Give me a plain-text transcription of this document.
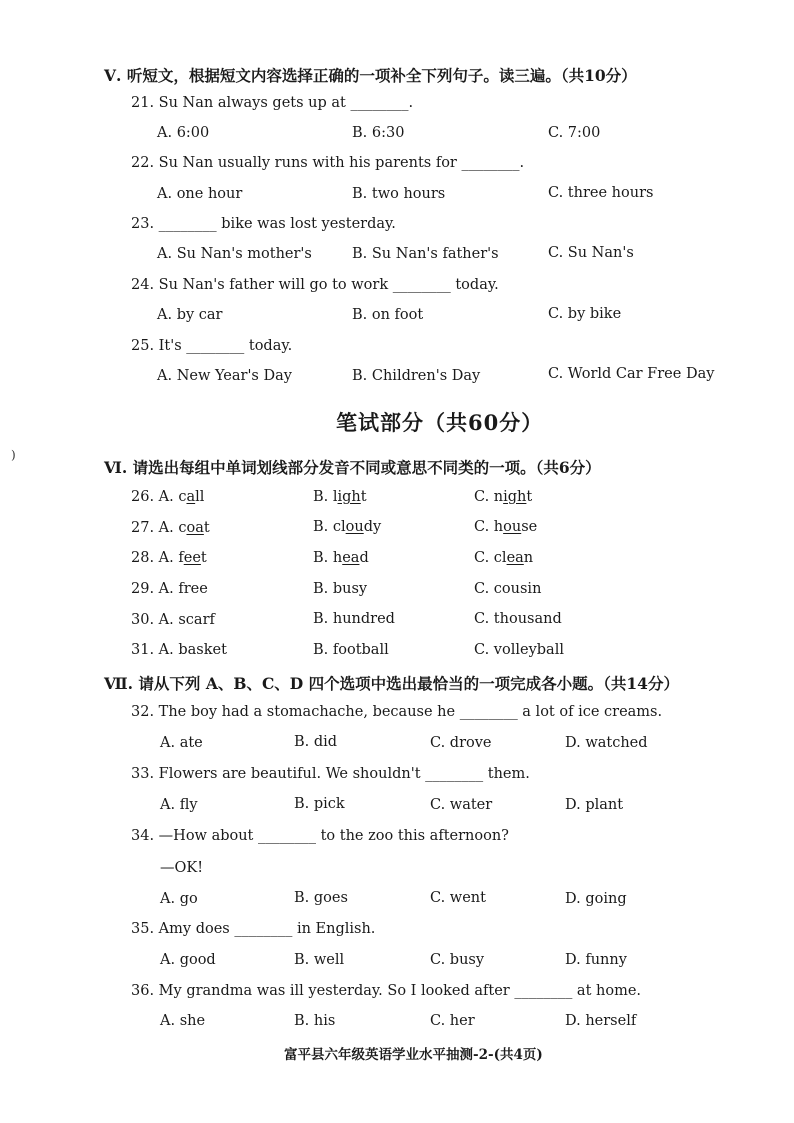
Ⅴ. 听短文，根据短文内容选择正确的一项补全下列句子。读三遍。（共10分）
21. Su Nan always gets up at ________.
A. 6:00	B. 6:30	C. 7:00
22. Su Nan usually runs with his parents for ________.
A. one hour	B. two hours	C. three hours
23. ________ bike was lost yesterday.
A. Su Nan's mother's	B. Su Nan's father's	C. Su Nan's
24. Su Nan's father will go to work ________ today.
A. by car	B. on foot	C. by bike
25. It's ________ today.
A. New Year's Day	B. Children's Day	C. World Car Free Day
笔试部分（共60分）
)
Ⅵ. 请选出每组中单词划线部分发音不同或意思不同类的一项。（共6分）
26. A. call	B. light	C. night
27. A. coat	B. cloudy	C. house
28. A. feet	B. head	C. clean
29. A. free	B. busy	C. cousin
30. A. scarf	B. hundred	C. thousand
31. A. basket	B. football	C. volleyball
Ⅶ. 请从下列 A、B、C、D 四个选项中选出最恰当的一项完成各小题。（共14分）
32. The boy had a stomachache, because he ________ a lot of ice creams.
A. ate	B. did	C. drove	D. watched
33. Flowers are beautiful. We shouldn't ________ them.
A. fly	B. pick	C. water	D. plant
34. —How about ________ to the zoo this afternoon?
—OK!
A. go	B. goes	C. went	D. going
35. Amy does ________ in English.
A. good	B. well	C. busy	D. funny
36. My grandma was ill yesterday. So I looked after ________ at home.
A. she	B. his	C. her	D. herself
富平县六年级英语学业水平抽测-2-(共4页)
